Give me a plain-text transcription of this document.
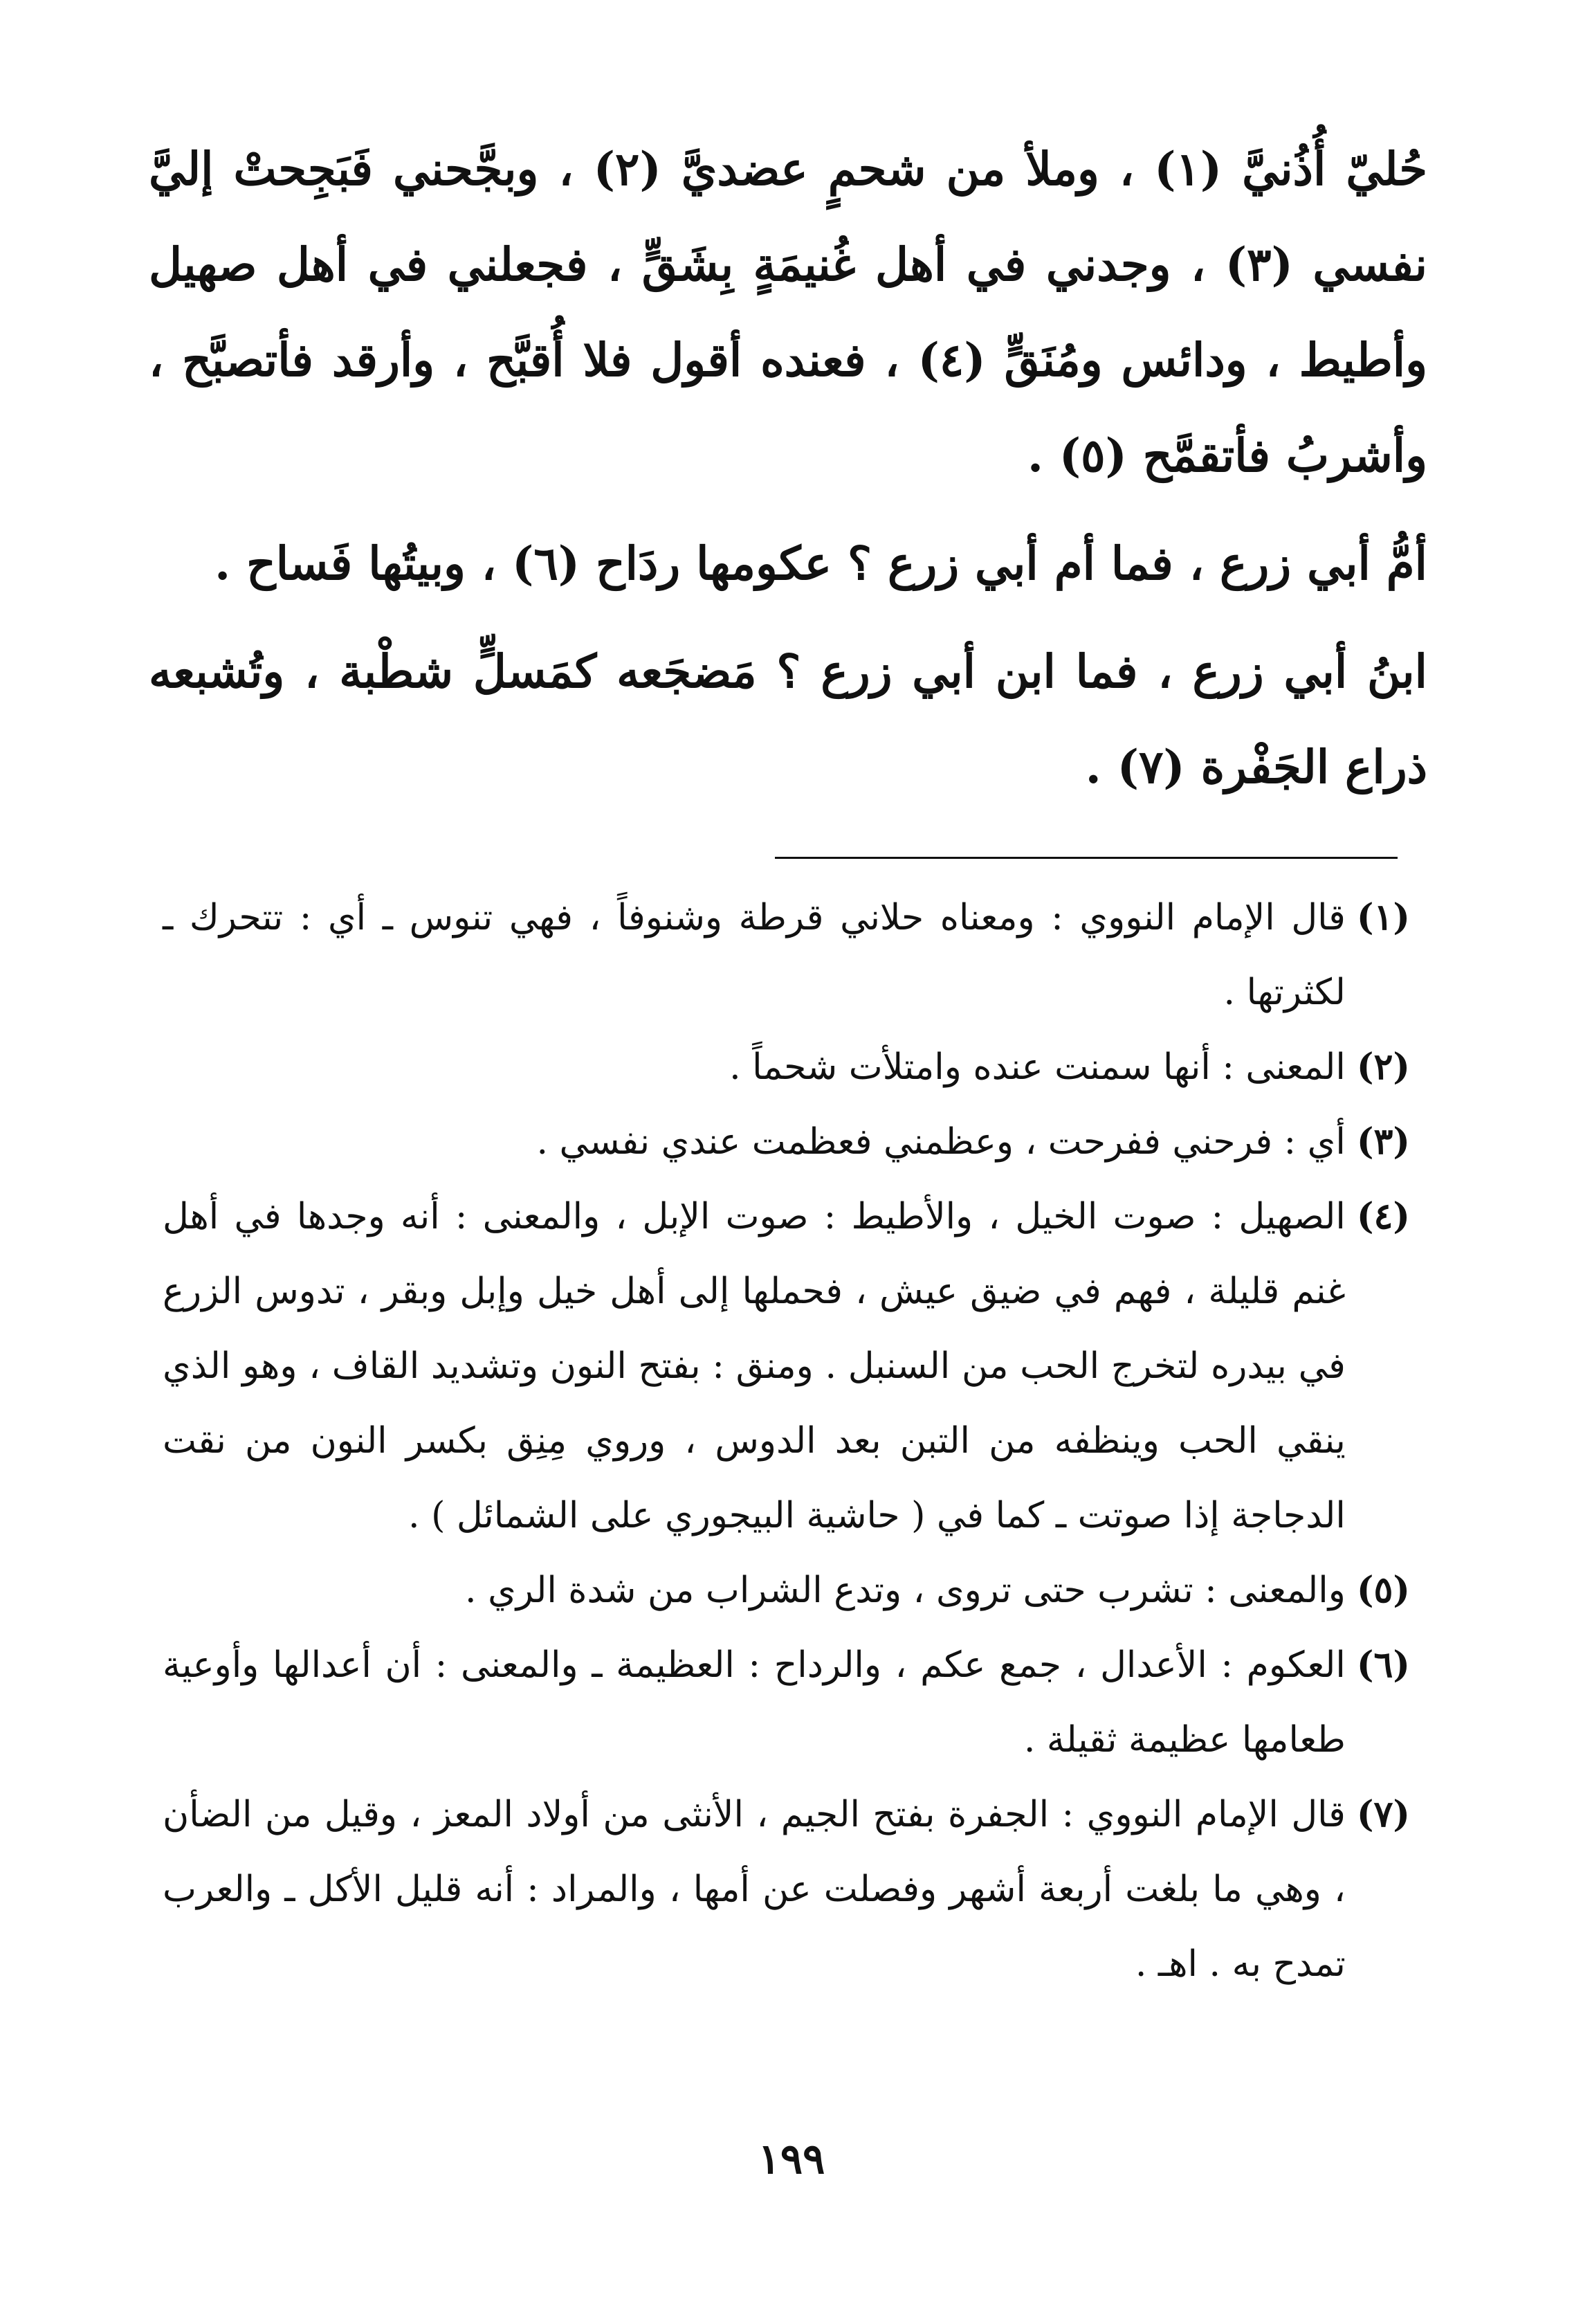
حُليّ أُذُنيَّ (١) ، وملأ من شحمٍ عضديَّ (٢) ، وبجَّحني فَبَجِحتْ إليَّ نفسي (٣) ، وجدني في أهل غُنيمَةٍ بِشَقٍّ ، فجعلني في أهل صهيل وأطيط ، ودائس ومُنَقٍّ (٤) ، فعنده أقول فلا أُقبَّح ، وأرقد فأتصبَّح ، وأشربُ فأتقمَّح (٥) .

أمُّ أبي زرع ، فما أم أبي زرع ؟ عكومها ردَاح (٦) ، وبيتُها فَساح .

ابنُ أبي زرع ، فما ابن أبي زرع ؟ مَضجَعه كمَسلٍّ شطْبة ، وتُشبعه ذراع الجَفْرة (٧) .

(١)
قال الإمام النووي : ومعناه حلاني قرطة وشنوفاً ، فهي تنوس ـ أي : تتحرك ـ لكثرتها .
(٢)
المعنى : أنها سمنت عنده وامتلأت شحماً .
(٣)
أي : فرحني ففرحت ، وعظمني فعظمت عندي نفسي .
(٤)
الصهيل : صوت الخيل ، والأطيط : صوت الإبل ، والمعنى : أنه وجدها في أهل غنم قليلة ، فهم في ضيق عيش ، فحملها إلى أهل خيل وإبل وبقر ، تدوس الزرع في بيدره لتخرج الحب من السنبل . ومنق : بفتح النون وتشديد القاف ، وهو الذي ينقي الحب وينظفه من التبن بعد الدوس ، وروي مِنِق بكسر النون من نقت الدجاجة إذا صوتت ـ كما في ( حاشية البيجوري على الشمائل ) .
(٥)
والمعنى : تشرب حتى تروى ، وتدع الشراب من شدة الري .
(٦)
العكوم : الأعدال ، جمع عكم ، والرداح : العظيمة ـ والمعنى : أن أعدالها وأوعية طعامها عظيمة ثقيلة .
(٧)
قال الإمام النووي : الجفرة بفتح الجيم ، الأنثى من أولاد المعز ، وقيل من الضأن ، وهي ما بلغت أربعة أشهر وفصلت عن أمها ، والمراد : أنه قليل الأكل ـ والعرب تمدح به . اهـ .
١٩٩
